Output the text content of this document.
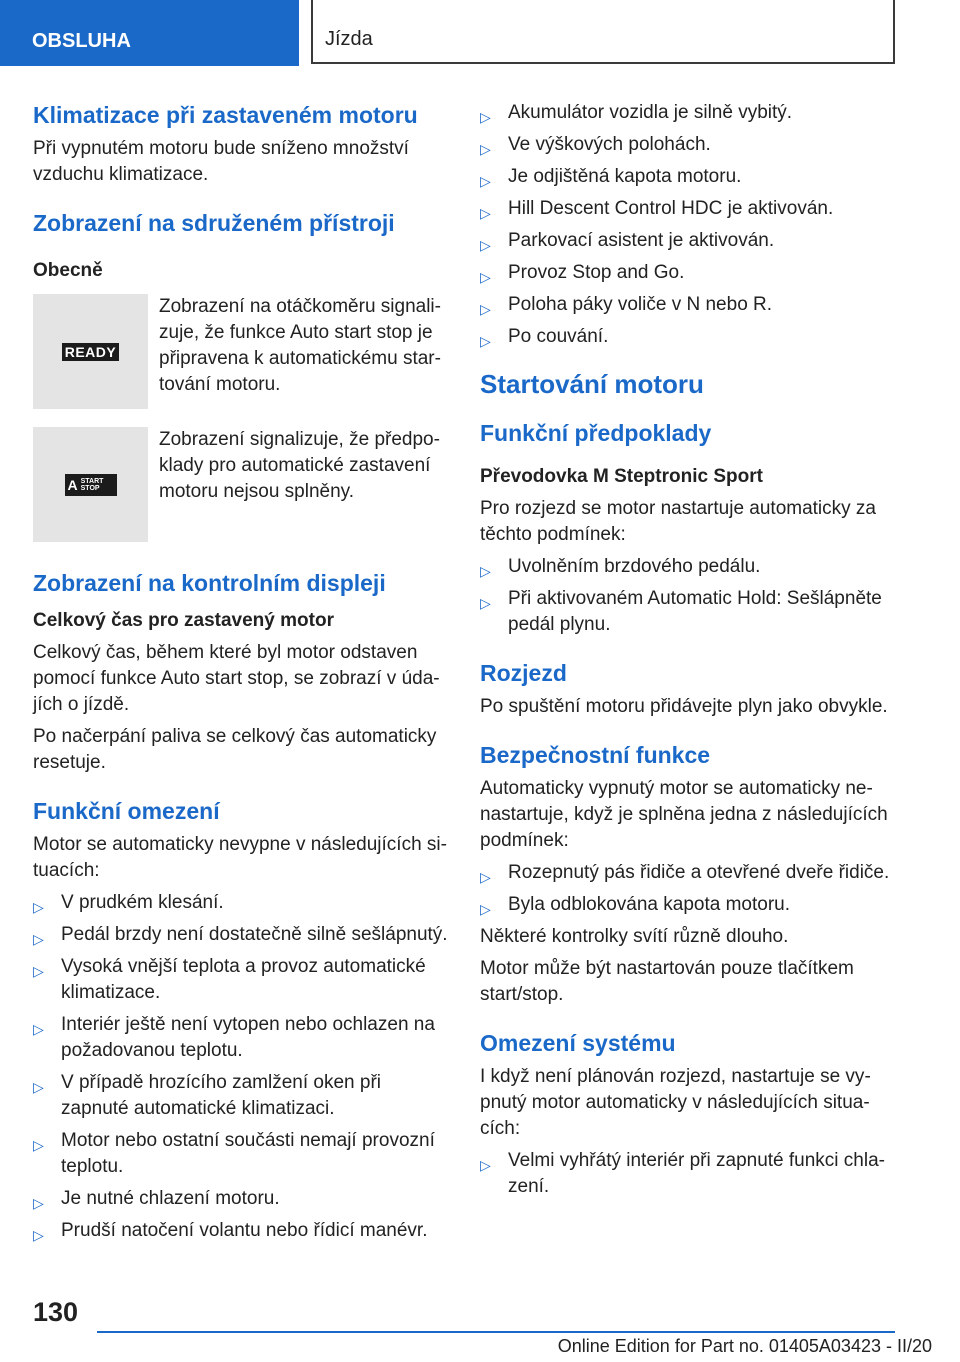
OBSLUHA	Jízda
Klimatizace při zastaveném motoru
Při vypnutém motoru bude sníženo množství vzduchu klimatizace.
Zobrazení na sdruženém přístroji
Obecně
READY
Zobrazení na otáčkoměru signalizuje, že funkce Auto start stop je připravena k automatickému startování motoru.
A START
STOP
Zobrazení signalizuje, že předpoklady pro automatické zastavení motoru nejsou splněny.
Zobrazení na kontrolním displeji
Celkový čas pro zastavený motor
Celkový čas, během které byl motor odstaven pomocí funkce Auto start stop, se zobrazí v údajích o jízdě.
Po načerpání paliva se celkový čas automaticky resetuje.
Funkční omezení
Motor se automaticky nevypne v následujících situacích:
▷ V prudkém klesání.
▷ Pedál brzdy není dostatečně silně sešlápnutý.
▷ Vysoká vnější teplota a provoz automatické klimatizace.
▷ Interiér ještě není vytopen nebo ochlazen na požadovanou teplotu.
▷ V případě hrozícího zamlžení oken při zapnuté automatické klimatizaci.
▷ Motor nebo ostatní součásti nemají provozní teplotu.
▷ Je nutné chlazení motoru.
▷ Prudší natočení volantu nebo řídicí manévr.
▷ Akumulátor vozidla je silně vybitý.
▷ Ve výškových polohách.
▷ Je odjištěná kapota motoru.
▷ Hill Descent Control HDC je aktivován.
▷ Parkovací asistent je aktivován.
▷ Provoz Stop and Go.
▷ Poloha páky voliče v N nebo R.
▷ Po couvání.
Startování motoru
Funkční předpoklady
Převodovka M Steptronic Sport
Pro rozjezd se motor nastartuje automaticky za těchto podmínek:
▷ Uvolněním brzdového pedálu.
▷ Při aktivovaném Automatic Hold: Sešlápněte pedál plynu.
Rozjezd
Po spuštění motoru přidávejte plyn jako obvykle.
Bezpečnostní funkce
Automaticky vypnutý motor se automaticky nenastartuje, když je splněna jedna z následujících podmínek:
▷ Rozepnutý pás řidiče a otevřené dveře řidiče.
▷ Byla odblokována kapota motoru.
Některé kontrolky svítí různě dlouho.
Motor může být nastartován pouze tlačítkem start/stop.
Omezení systému
I když není plánován rozjezd, nastartuje se vypnutý motor automaticky v následujících situacích:
▷ Velmi vyhřátý interiér při zapnuté funkci chlazení.
130
Online Edition for Part no. 01405A03423 - II/20
